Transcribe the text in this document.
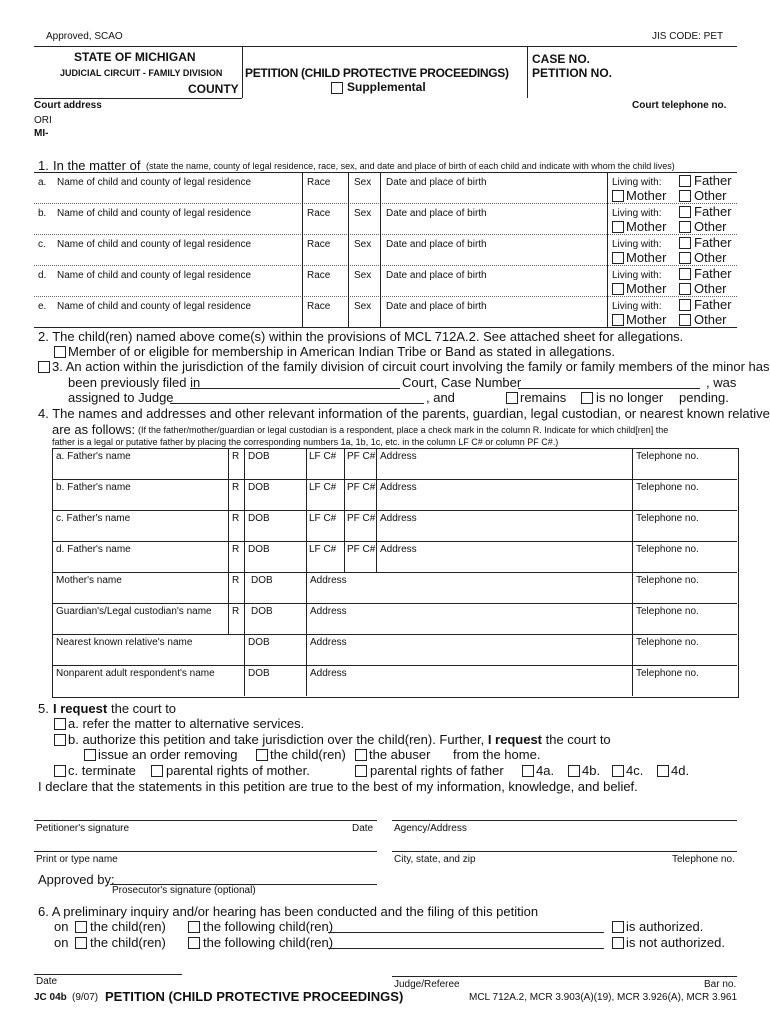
Approved, SCAO	JIS CODE: PET
STATE OF MICHIGAN
JUDICIAL CIRCUIT - FAMILY DIVISION
COUNTY
PETITION (CHILD PROTECTIVE PROCEEDINGS)
Supplemental
CASE NO.
PETITION NO.
Court address	Court telephone no.
ORI
MI-
1. In the matter of (state the name, county of legal residence, race, sex, and date and place of birth of each child and indicate with whom the child lives)
a. Name of child and county of legal residence	Race Sex Date and place of birth	Living with:	Father
Mother Other
b. Name of child and county of legal residence	Race Sex Date and place of birth	Living with:	Father
Mother Other
c. Name of child and county of legal residence	Race Sex Date and place of birth	Living with:	Father
Mother Other
d. Name of child and county of legal residence	Race Sex Date and place of birth	Living with:	Father
Mother Other
e. Name of child and county of legal residence	Race Sex Date and place of birth	Living with:	Father
Mother Other
2. The child(ren) named above come(s) within the provisions of MCL 712A.2. See attached sheet for allegations.
Member of or eligible for membership in American Indian Tribe or Band as stated in allegations.
3. An action within the jurisdiction of the family division of circuit court involving the family or family members of the minor has
been previously filed in	Court, Case Number	, was
assigned to Judge	, and	remains is no longer pending.
4. The names and addresses and other relevant information of the parents, guardian, legal custodian, or nearest known relative
are as follows: (If the father/mother/guardian or legal custodian is a respondent, place a check mark in the column R. Indicate for which child[ren] the
father is a legal or putative father by placing the corresponding numbers 1a, 1b, 1c, etc. in the column LF C# or column PF C#.)
a. Father's name	R DOB	LF C# PF C# Address	Telephone no.
b. Father's name	R DOB	LF C# PF C# Address	Telephone no.
c. Father's name	R DOB	LF C# PF C# Address	Telephone no.
d. Father's name	R DOB	LF C# PF C# Address	Telephone no.
Mother's name	R DOB	Address	Telephone no.
Guardian's/Legal custodian's name R DOB	Address	Telephone no.
Nearest known relative's name	DOB	Address	Telephone no.
Nonparent adult respondent's name	DOB	Address	Telephone no.
5. I request the court to
a. refer the matter to alternative services.
b. authorize this petition and take jurisdiction over the child(ren). Further, I request the court to
issue an order removing	the child(ren) the abuser from the home.
c. terminate parental rights of mother.	parental rights of father 4a. 4b. 4c. 4d.
I declare that the statements in this petition are true to the best of my information, knowledge, and belief.
Petitioner's signature	Date Agency/Address
Print or type name	City, state, and zip	Telephone no.
Approved by:
Prosecutor's signature (optional)
6. A preliminary inquiry and/or hearing has been conducted and the filing of this petition
on the child(ren)	the following child(ren)	is authorized.
on the child(ren)	the following child(ren)	is not authorized.
Date	Judge/Referee	Bar no.
JC 04b (9/07) PETITION (CHILD PROTECTIVE PROCEEDINGS)	MCL 712A.2, MCR 3.903(A)(19), MCR 3.926(A), MCR 3.961
